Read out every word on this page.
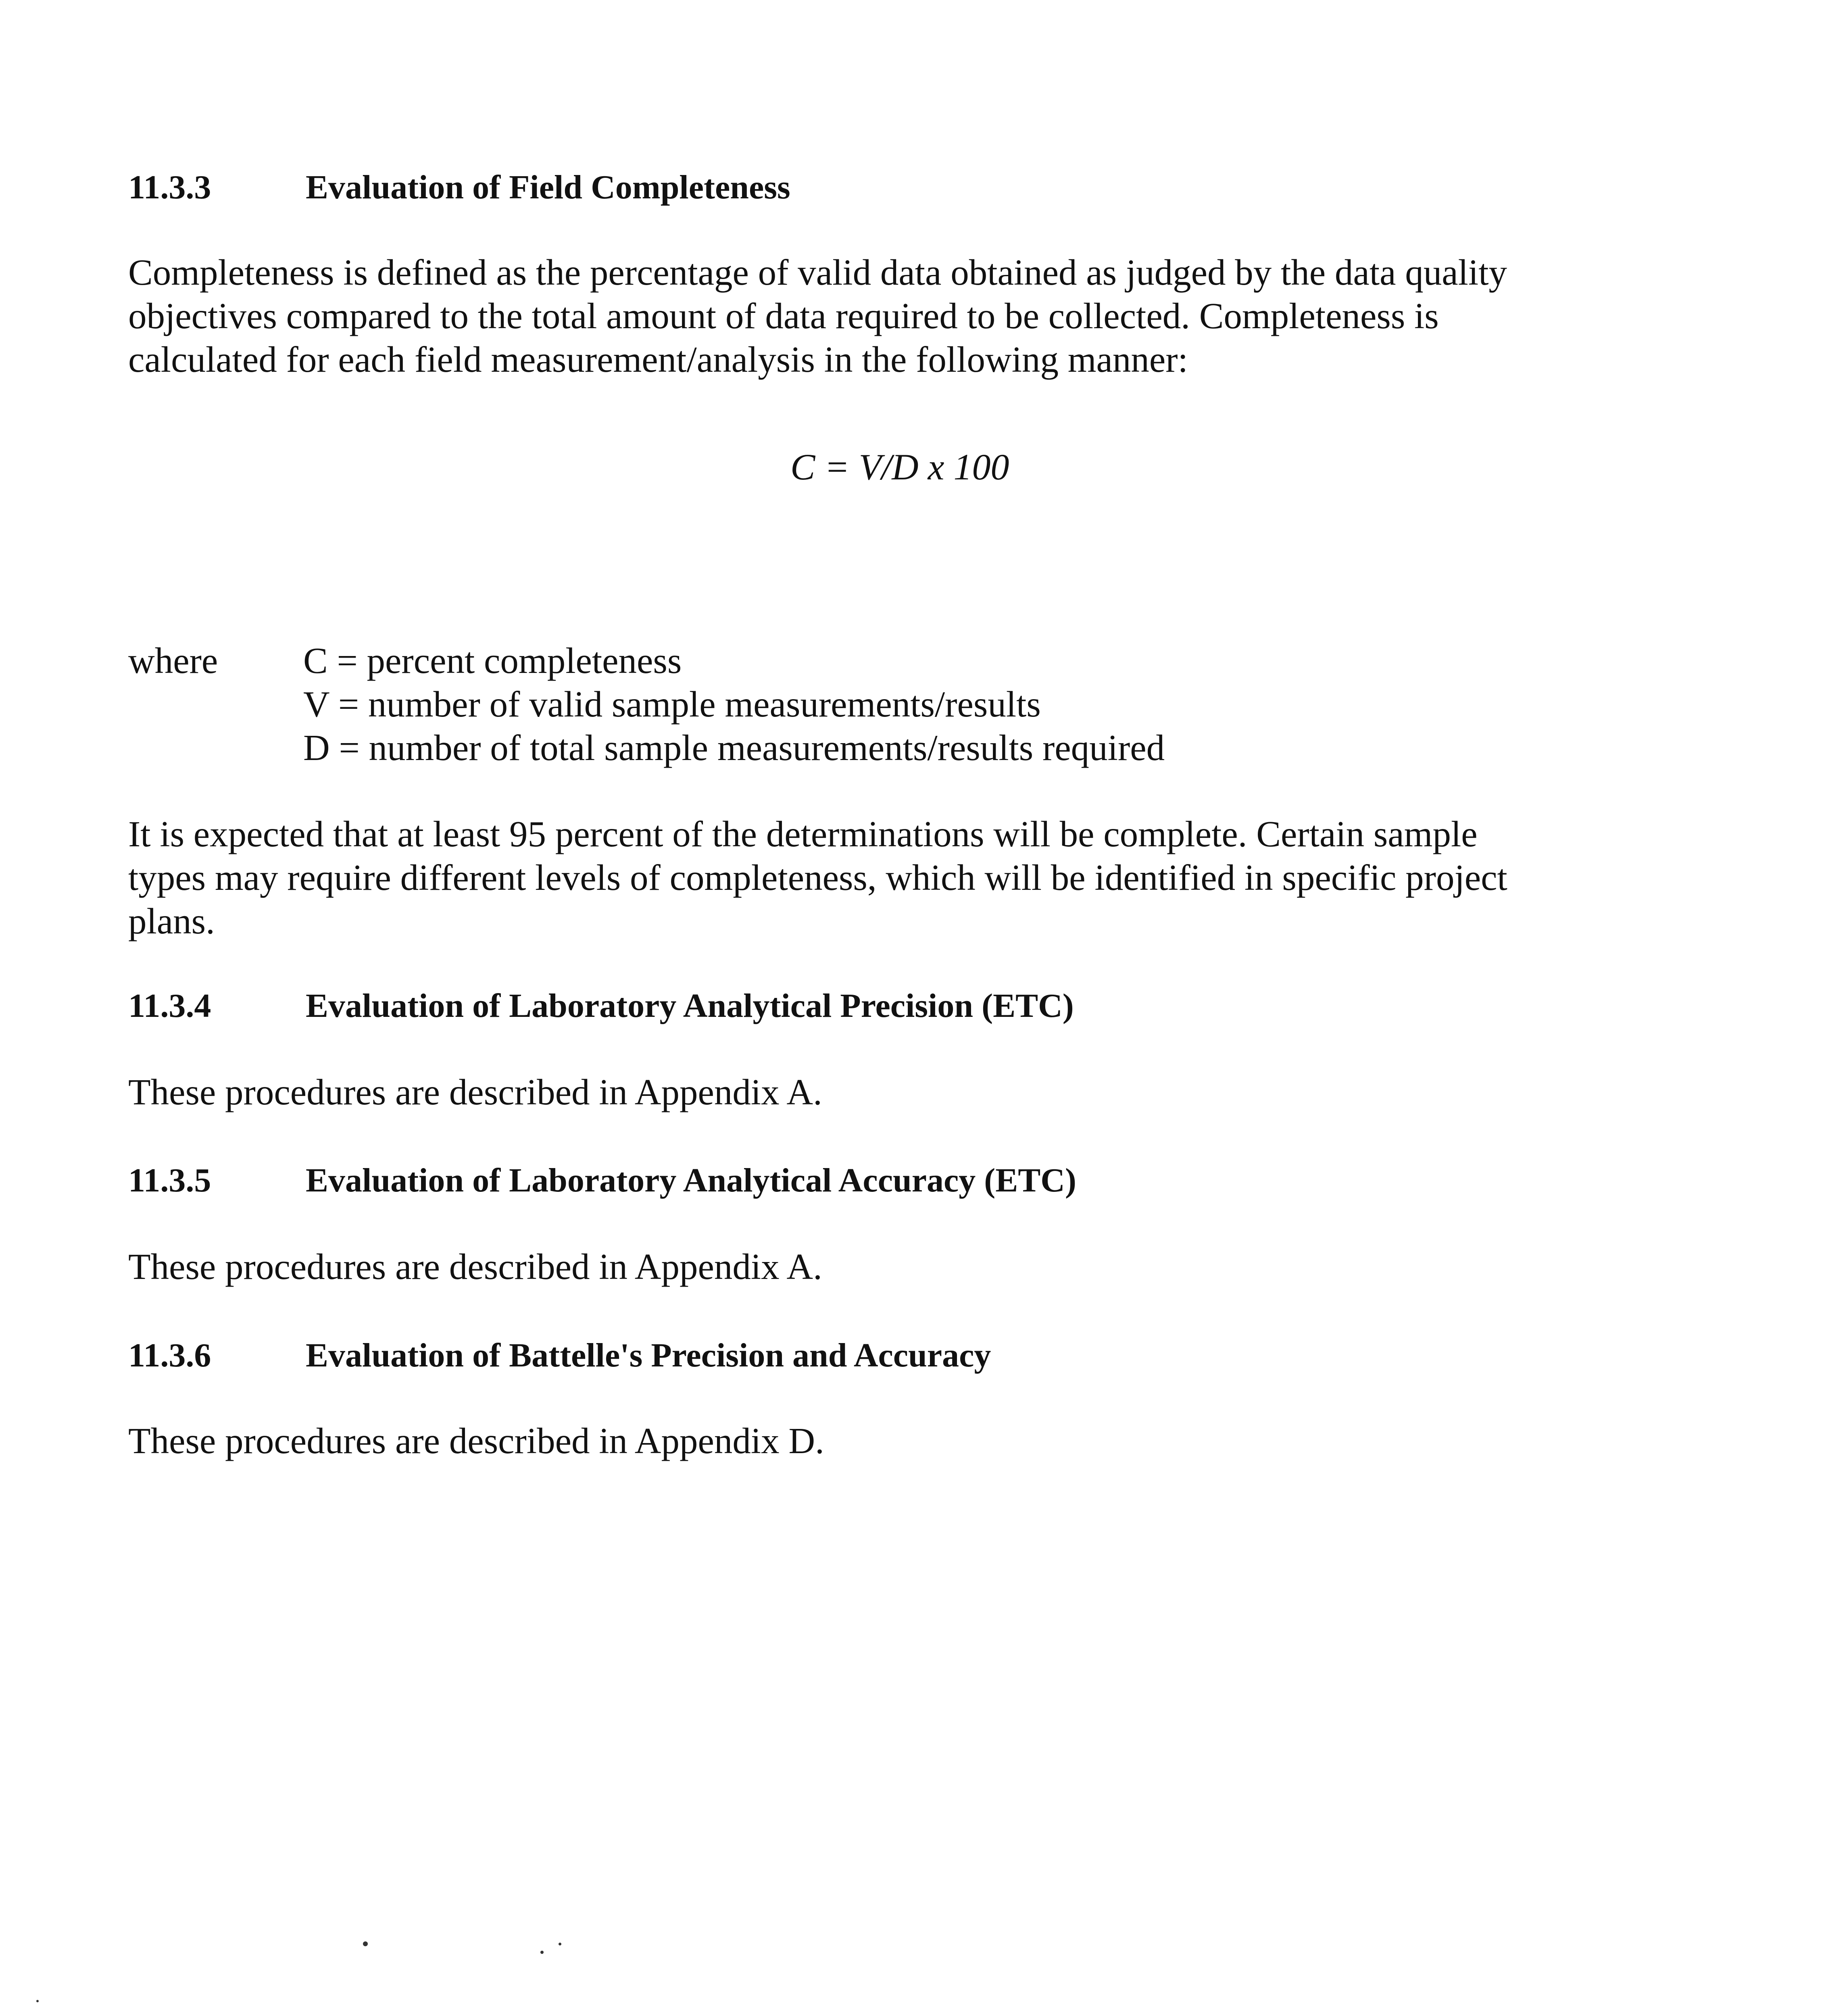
11.3.3	Evaluation of Field Completeness
Completeness is defined as the percentage of valid data obtained as judged by the data quality
objectives compared to the total amount of data required to be collected. Completeness is
calculated for each field measurement/analysis in the following manner:
C = V/D x 100
where C = percent completeness
V = number of valid sample measurements/results
D = number of total sample measurements/results required
It is expected that at least 95 percent of the determinations will be complete. Certain sample
types may require different levels of completeness, which will be identified in specific project
plans.
11.3.4	Evaluation of Laboratory Analytical Precision (ETC)
These procedures are described in Appendix A.
11.3.5	Evaluation of Laboratory Analytical Accuracy (ETC)
These procedures are described in Appendix A.
11.3.6	Evaluation of Battelle's Precision and Accuracy
These procedures are described in Appendix D.
